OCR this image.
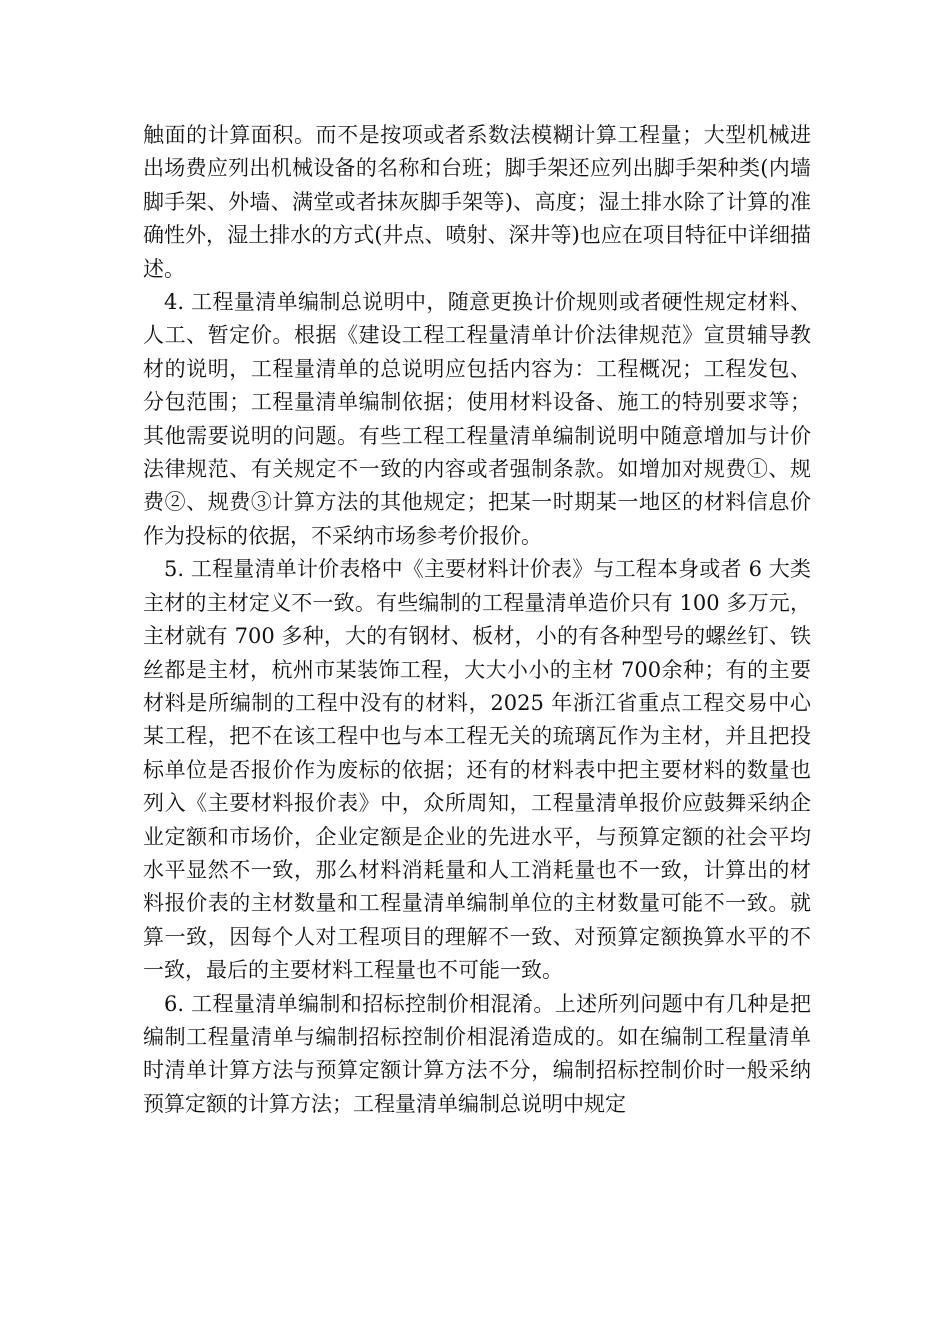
触面的计算面积。而不是按项或者系数法模糊计算工程量；大型机械进出场费应列出机械设备的名称和台班；脚手架还应列出脚手架种类(内墙脚手架、外墙、满堂或者抹灰脚手架等)、高度；湿土排水除了计算的准确性外，湿土排水的方式(井点、喷射、深井等)也应在项目特征中详细描述。

4. 工程量清单编制总说明中，随意更换计价规则或者硬性规定材料、人工、暂定价。根据《建设工程工程量清单计价法律规范》宣贯辅导教材的说明，工程量清单的总说明应包括内容为：工程概况；工程发包、分包范围；工程量清单编制依据；使用材料设备、施工的特别要求等；其他需要说明的问题。有些工程工程量清单编制说明中随意增加与计价法律规范、有关规定不一致的内容或者强制条款。如增加对规费①、规费②、规费③计算方法的其他规定；把某一时期某一地区的材料信息价作为投标的依据，不采纳市场参考价报价。

5. 工程量清单计价表格中《主要材料计价表》与工程本身或者 6 大类主材的主材定义不一致。有些编制的工程量清单造价只有 100 多万元，主材就有 700 多种，大的有钢材、板材，小的有各种型号的螺丝钉、铁丝都是主材，杭州市某装饰工程，大大小小的主材 700余种；有的主要材料是所编制的工程中没有的材料，2025 年浙江省重点工程交易中心某工程，把不在该工程中也与本工程无关的琉璃瓦作为主材，并且把投标单位是否报价作为废标的依据；还有的材料表中把主要材料的数量也列入《主要材料报价表》中，众所周知，工程量清单报价应鼓舞采纳企业定额和市场价，企业定额是企业的先进水平，与预算定额的社会平均水平显然不一致，那么材料消耗量和人工消耗量也不一致，计算出的材料报价表的主材数量和工程量清单编制单位的主材数量可能不一致。就算一致，因每个人对工程项目的理解不一致、对预算定额换算水平的不一致，最后的主要材料工程量也不可能一致。

6. 工程量清单编制和招标控制价相混淆。上述所列问题中有几种是把编制工程量清单与编制招标控制价相混淆造成的。如在编制工程量清单时清单计算方法与预算定额计算方法不分，编制招标控制价时一般采纳预算定额的计算方法；工程量清单编制总说明中规定
